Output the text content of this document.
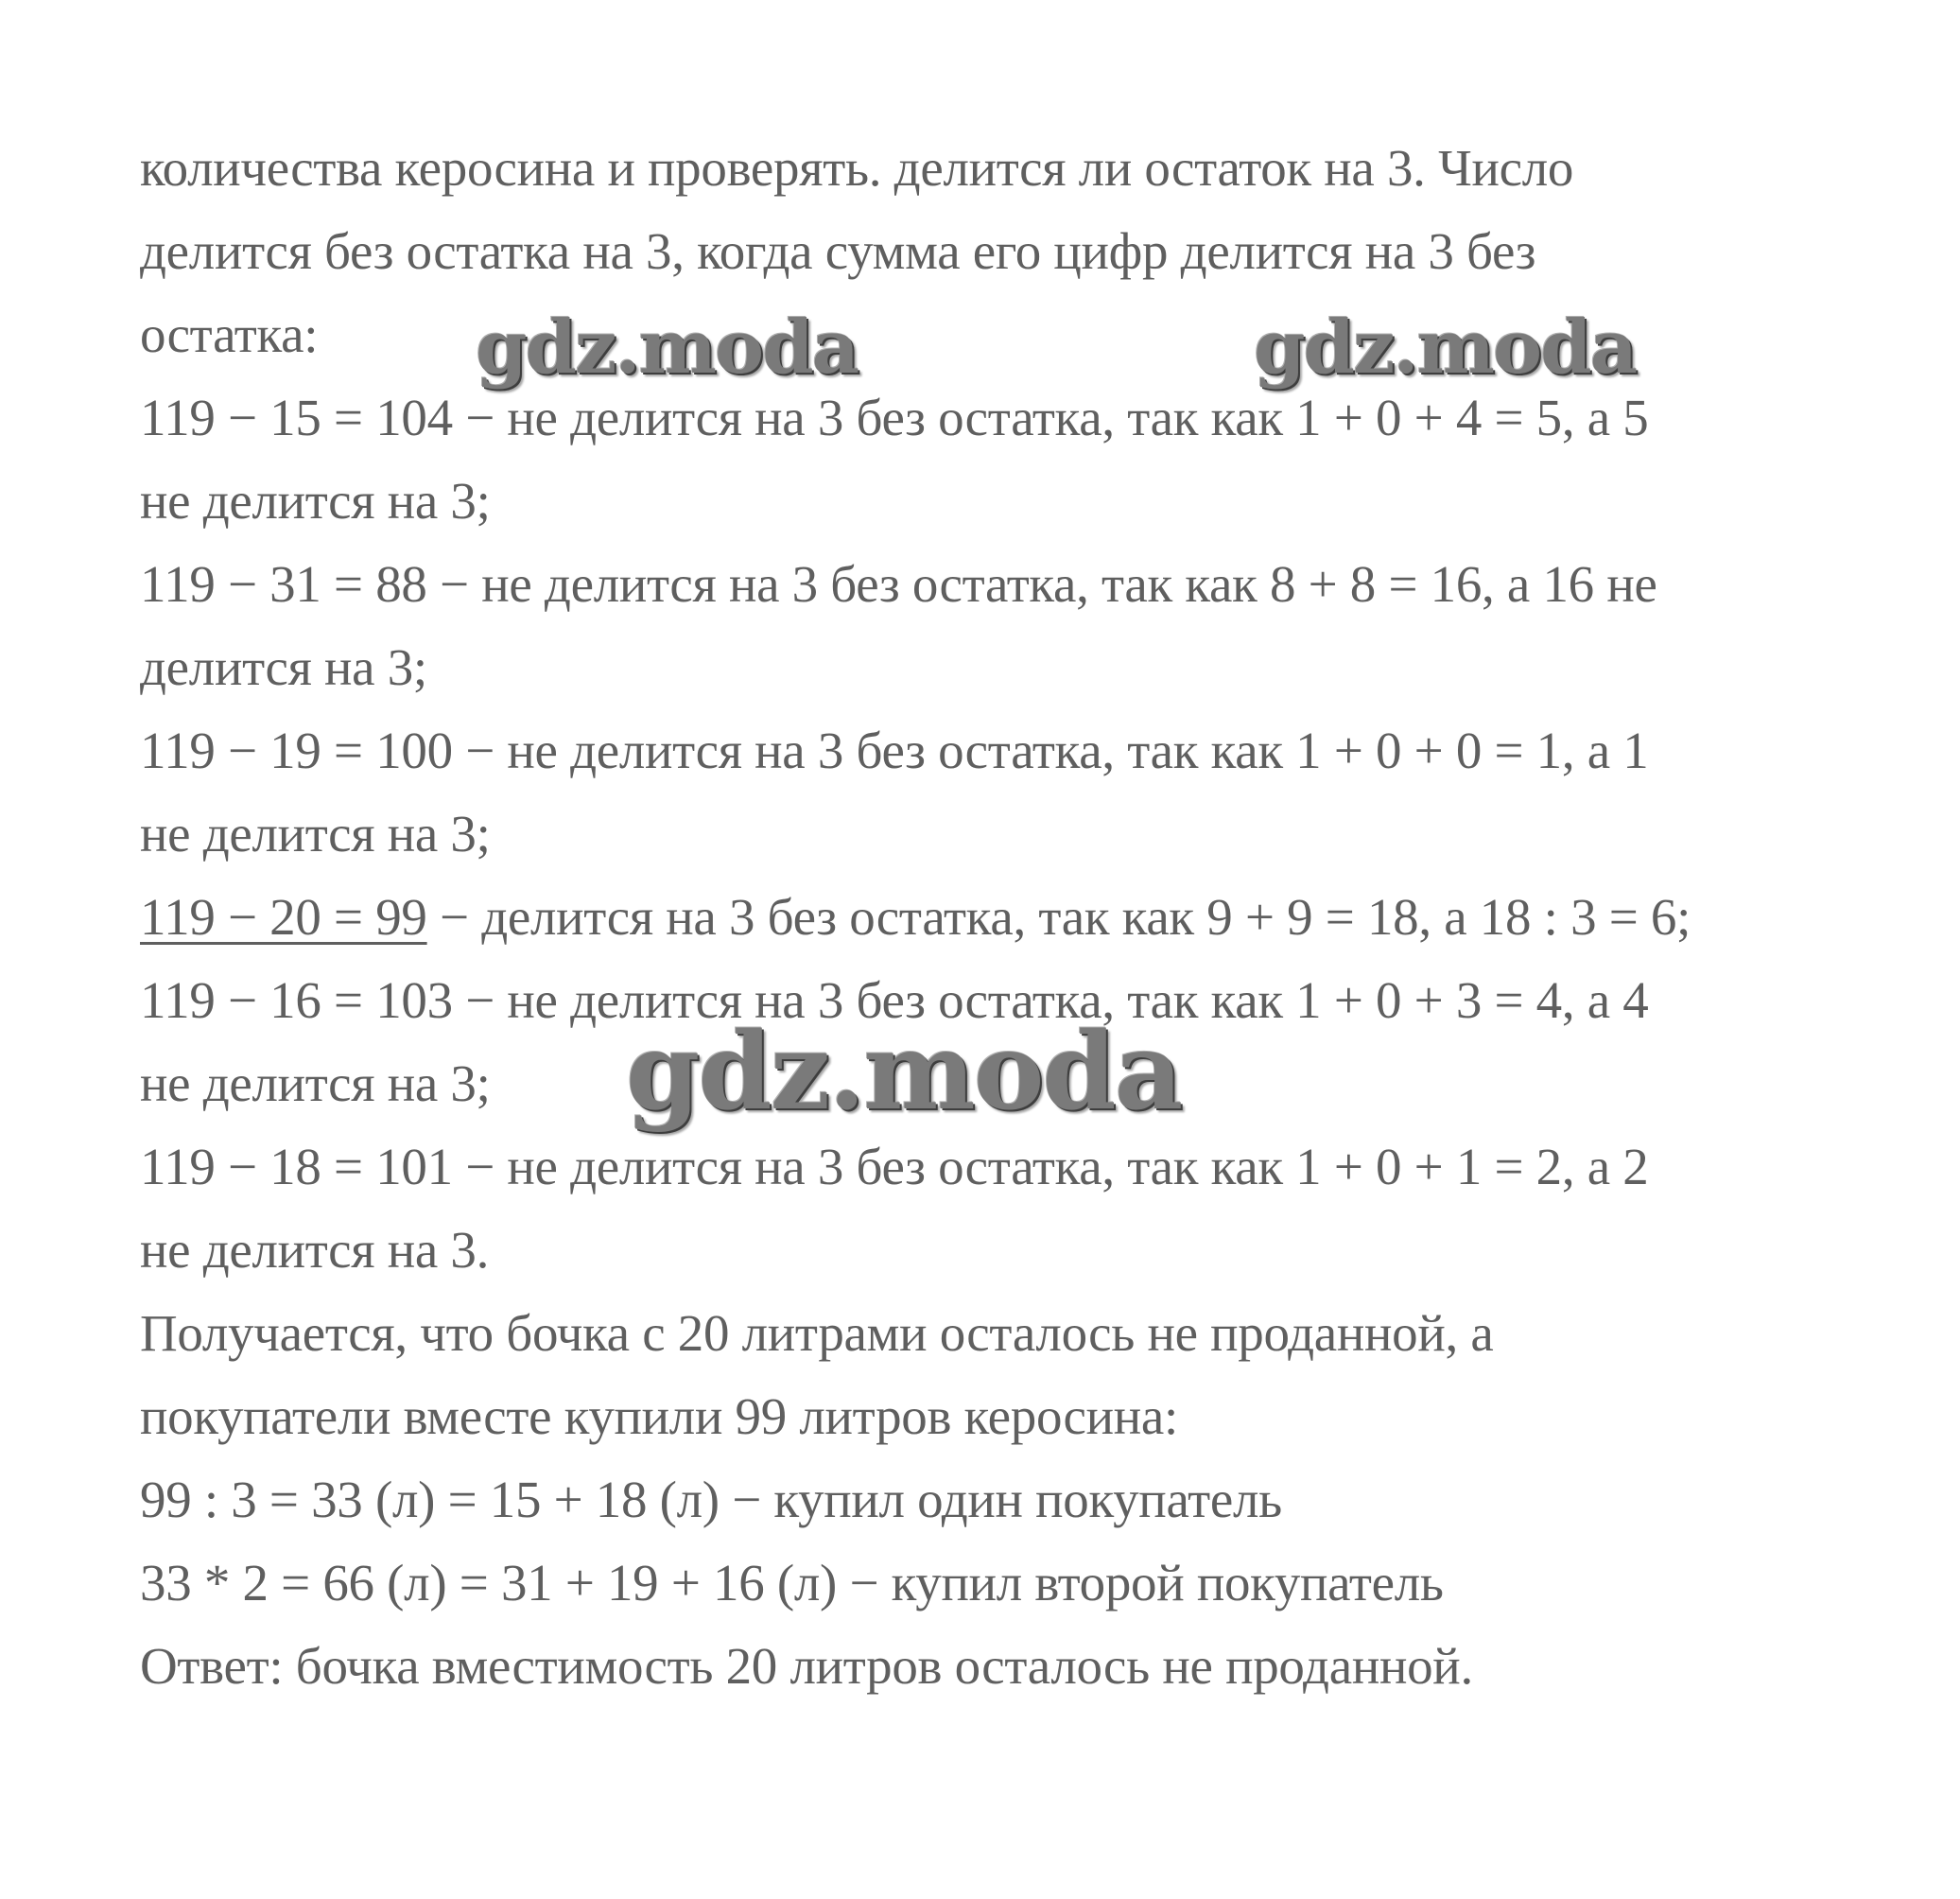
количества керосина и проверять. делится ли остаток на 3. Число
делится без остатка на 3, когда сумма его цифр делится на 3 без
остатка:
119 − 15 = 104 − не делится на 3 без остатка, так как 1 + 0 + 4 = 5, а 5
не делится на 3;
119 − 31 = 88 − не делится на 3 без остатка, так как 8 + 8 = 16, а 16 не
делится на 3;
119 − 19 = 100 − не делится на 3 без остатка, так как 1 + 0 + 0 = 1, а 1
не делится на 3;
119 − 20 = 99 − делится на 3 без остатка, так как 9 + 9 = 18, а 18 : 3 = 6;
119 − 16 = 103 − не делится на 3 без остатка, так как 1 + 0 + 3 = 4, а 4
не делится на 3;
119 − 18 = 101 − не делится на 3 без остатка, так как 1 + 0 + 1 = 2, а 2
не делится на 3.
Получается, что бочка с 20 литрами осталось не проданной, а
покупатели вместе купили 99 литров керосина:
99 : 3 = 33 (л) = 15 + 18 (л) − купил один покупатель
33 * 2 = 66 (л) = 31 + 19 + 16 (л) − купил второй покупатель
Ответ: бочка вместимость 20 литров осталось не проданной.
gdz.moda	gdz.moda
gdz.moda
